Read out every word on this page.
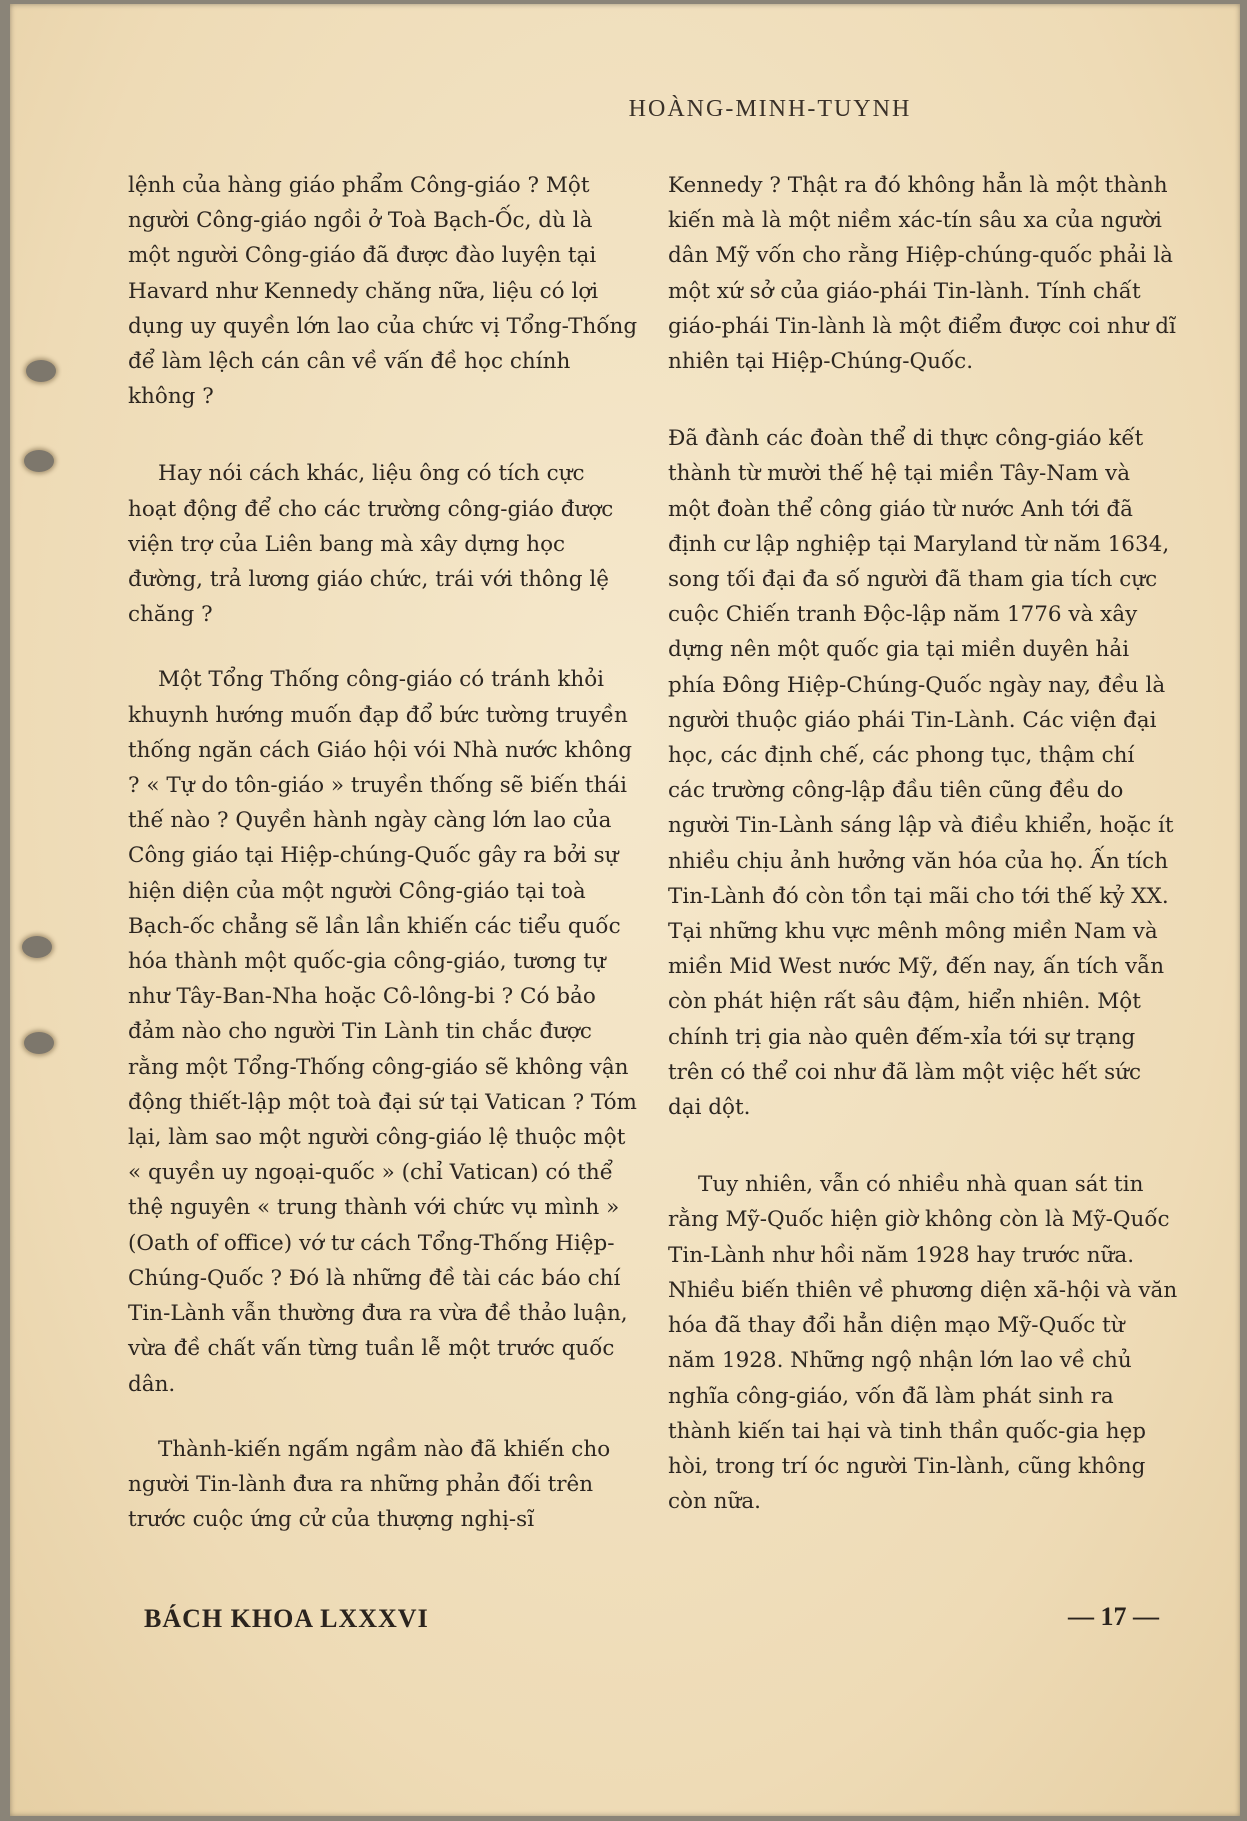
HOÀNG-MINH-TUYNH

lệnh của hàng giáo phẩm Công-giáo ? Một người Công-giáo ngồi ở Toà Bạch-Ốc, dù là một người Công-giáo đã được đào luyện tại Havard như Kennedy chăng nữa, liệu có lợi dụng uy quyền lớn lao của chức vị Tổng-Thống để làm lệch cán cân về vấn đề học chính không ?

Hay nói cách khác, liệu ông có tích cực hoạt động để cho các trường công-giáo được viện trợ của Liên bang mà xây dựng học đường, trả lương giáo chức, trái với thông lệ chăng ?

Một Tổng Thống công-giáo có tránh khỏi khuynh hướng muốn đạp đổ bức tường truyền thống ngăn cách Giáo hội vói Nhà nước không ? « Tự do tôn-giáo » truyền thống sẽ biến thái thế nào ? Quyền hành ngày càng lớn lao của Công giáo tại Hiệp-chúng-Quốc gây ra bởi sự hiện diện của một người Công-giáo tại toà Bạch-ốc chẳng sẽ lần lần khiến các tiểu quốc hóa thành một quốc-gia công-giáo, tương tự như Tây-Ban-Nha hoặc Cô-lông-bi ? Có bảo đảm nào cho người Tin Lành tin chắc được rằng một Tổng-Thống công-giáo sẽ không vận động thiết-lập một toà đại sứ tại Vatican ? Tóm lại, làm sao một người công-giáo lệ thuộc một « quyền uy ngoại-quốc » (chỉ Vatican) có thể thệ nguyên « trung thành với chức vụ mình » (Oath of office) vớ tư cách Tổng-Thống Hiệp-Chúng-Quốc ? Đó là những đề tài các báo chí Tin-Lành vẫn thường đưa ra vừa đề thảo luận, vừa đề chất vấn từng tuần lễ một trước quốc dân.

Thành-kiến ngấm ngầm nào đã khiến cho người Tin-lành đưa ra những phản đối trên trước cuộc ứng cử của thượng nghị-sĩ

Kennedy ? Thật ra đó không hẳn là một thành kiến mà là một niềm xác-tín sâu xa của người dân Mỹ vốn cho rằng Hiệp-chúng-quốc phải là một xứ sở của giáo-phái Tin-lành. Tính chất giáo-phái Tin-lành là một điểm được coi như dĩ nhiên tại Hiệp-Chúng-Quốc.

Đã đành các đoàn thể di thực công-giáo kết thành từ mười thế hệ tại miền Tây-Nam và một đoàn thể công giáo từ nước Anh tới đã định cư lập nghiệp tại Maryland từ năm 1634, song tối đại đa số người đã tham gia tích cực cuộc Chiến tranh Độc-lập năm 1776 và xây dựng nên một quốc gia tại miền duyên hải phía Đông Hiệp-Chúng-Quốc ngày nay, đều là người thuộc giáo phái Tin-Lành. Các viện đại học, các định chế, các phong tục, thậm chí các trường công-lập đầu tiên cũng đều do người Tin-Lành sáng lập và điều khiển, hoặc ít nhiều chịu ảnh hưởng văn hóa của họ. Ấn tích Tin-Lành đó còn tồn tại mãi cho tới thế kỷ XX. Tại những khu vực mênh mông miền Nam và miền Mid West nước Mỹ, đến nay, ấn tích vẫn còn phát hiện rất sâu đậm, hiển nhiên. Một chính trị gia nào quên đếm-xỉa tới sự trạng trên có thể coi như đã làm một việc hết sức dại dột.

Tuy nhiên, vẫn có nhiều nhà quan sát tin rằng Mỹ-Quốc hiện giờ không còn là Mỹ-Quốc Tin-Lành như hồi năm 1928 hay trước nữa. Nhiều biến thiên về phương diện xã-hội và văn hóa đã thay đổi hẳn diện mạo Mỹ-Quốc từ năm 1928. Những ngộ nhận lớn lao về chủ nghĩa công-giáo, vốn đã làm phát sinh ra thành kiến tai hại và tinh thần quốc-gia hẹp hòi, trong trí óc người Tin-lành, cũng không còn nữa.

BÁCH KHOA LXXXVI	— 17 —
